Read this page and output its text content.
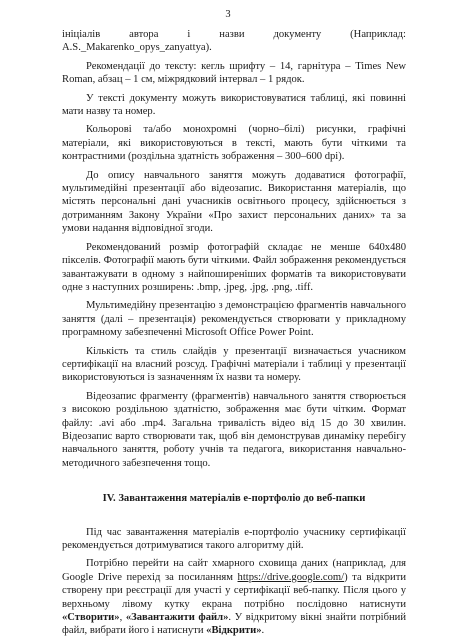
3

ініціалів автора і назви документу (Наприклад: A.S._Makarenko_opys_zanyattya).

Рекомендації до тексту: кегль шрифту – 14, гарнітура – Times New Roman, абзац – 1 см, міжрядковий інтервал – 1 рядок.

У тексті документу можуть використовуватися таблиці, які повинні мати назву та номер.

Кольорові та/або монохромні (чорно–білі) рисунки, графічні матеріали, які використовуються в тексті, мають бути чіткими та контрастними (роздільна здатність зображення – 300–600 dpi).

До опису навчального заняття можуть додаватися фотографії, мультимедійні презентації або відеозапис. Використання матеріалів, що містять персональні дані учасників освітнього процесу, здійснюється з дотриманням Закону України «Про захист персональних даних» та за умови надання відповідної згоди.

Рекомендований розмір фотографій складає не менше 640x480 пікселів. Фотографії мають бути чіткими. Файл зображення рекомендується завантажувати в одному з найпоширеніших форматів та використовувати одне з наступних розширень: .bmp, .jpeg, .jpg, .png, .tiff.

Мультимедійну презентацію з демонстрацією фрагментів навчального заняття (далі – презентація) рекомендується створювати у прикладному програмному забезпеченні Microsoft Office Power Point.

Кількість та стиль слайдів у презентації визначається учасником сертифікації на власний розсуд. Графічні матеріали і таблиці у презентації використовуються із зазначенням їх назви та номеру.

Відеозапис фрагменту (фрагментів) навчального заняття створюється з високою роздільною здатністю, зображення має бути чітким. Формат файлу: .avi або .mp4. Загальна тривалість відео від 15 до 30 хвилин. Відеозапис варто створювати так, щоб він демонстрував динаміку перебігу навчального заняття, роботу учнів та педагога, використання навчально-методичного забезпечення тощо.

IV. Завантаження матеріалів е-портфоліо до веб-папки

Під час завантаження матеріалів е-портфоліо учаснику сертифікації рекомендується дотримуватися такого алгоритму дій.

Потрібно перейти на сайт хмарного сховища даних (наприклад, для Google Drive перехід за посиланням https://drive.google.com/) та відкрити створену при реєстрації для участі у сертифікації веб-папку. Після цього у верхньому лівому кутку екрана потрібно послідовно натиснути «Створити», «Завантажити файл». У відкритому вікні знайти потрібний файл, вибрати його і натиснути «Відкрити».
